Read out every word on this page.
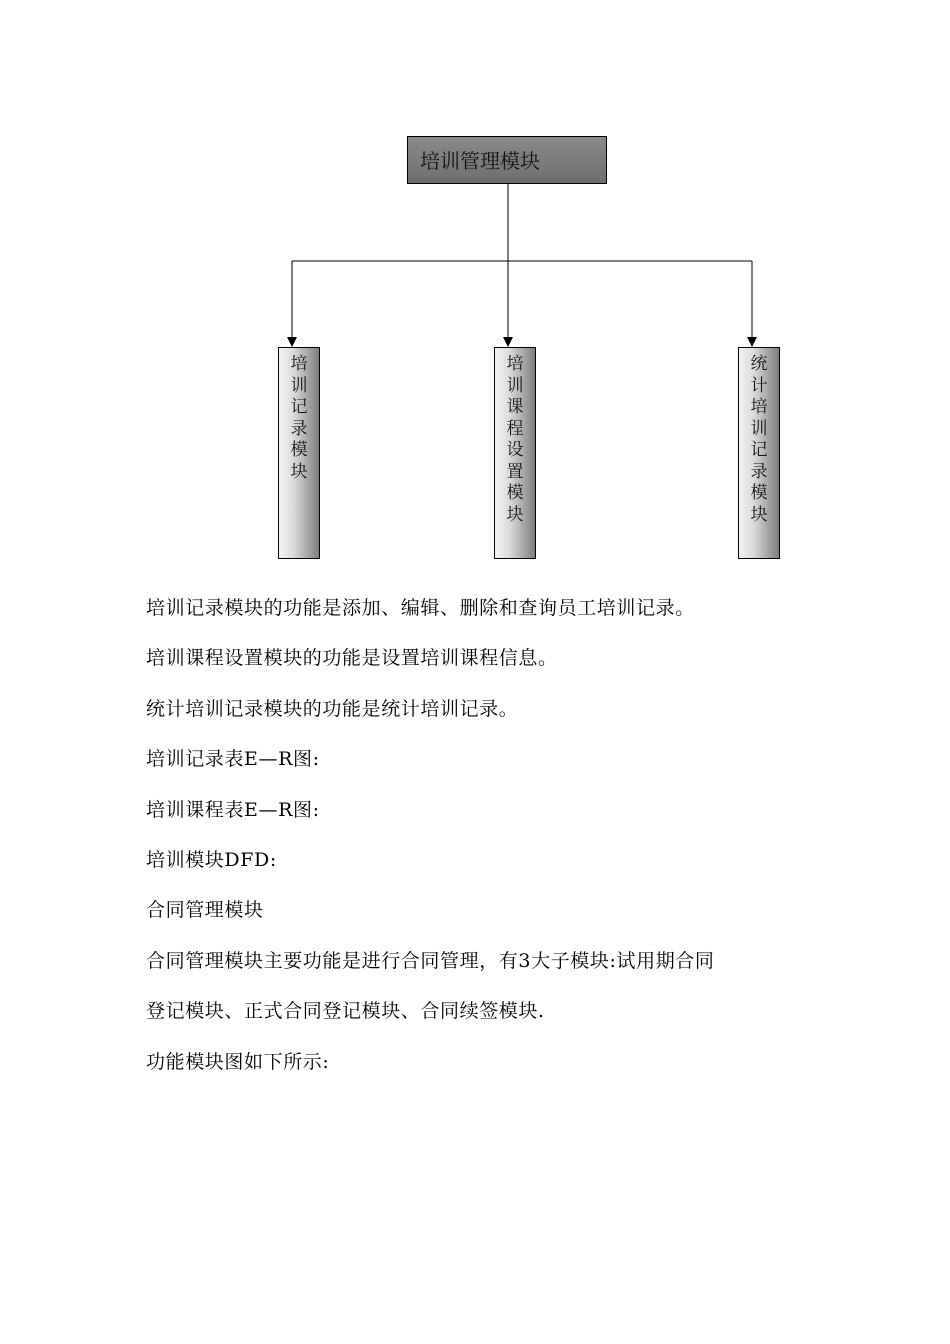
培训管理模块
培训记录模块
培训课程设置模块
统计培训记录模块

培训记录模块的功能是添加、编辑、删除和查询员工培训记录。

培训课程设置模块的功能是设置培训课程信息。

统计培训记录模块的功能是统计培训记录。

培训记录表E—R图:

培训课程表E—R图:

培训模块DFD:

合同管理模块

合同管理模块主要功能是进行合同管理，有3大子模块:试用期合同

登记模块、正式合同登记模块、合同续签模块.

功能模块图如下所示:
